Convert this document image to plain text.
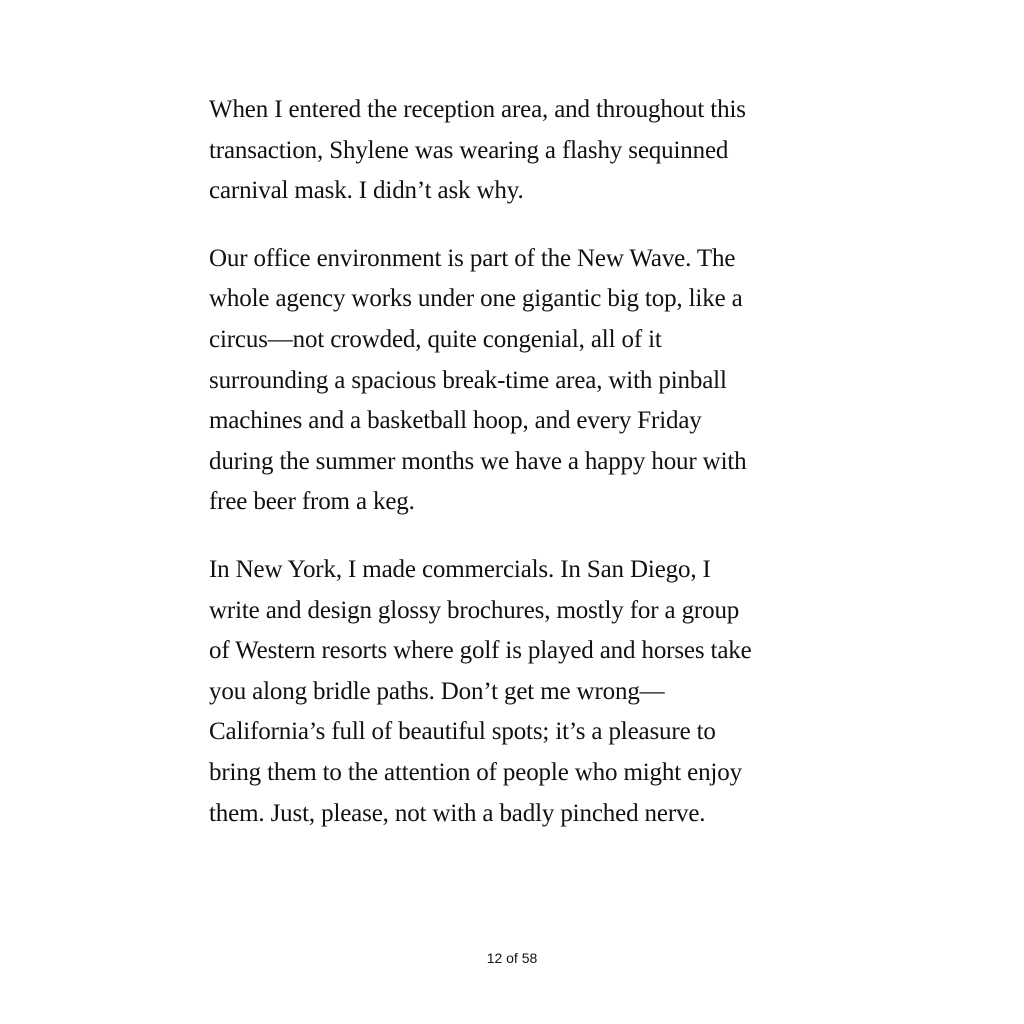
When I entered the reception area, and throughout this
transaction, Shylene was wearing a flashy sequinned
carnival mask. I didn’t ask why.

Our office environment is part of the New Wave. The
whole agency works under one gigantic big top, like a
circus—not crowded, quite congenial, all of it
surrounding a spacious break-time area, with pinball
machines and a basketball hoop, and every Friday
during the summer months we have a happy hour with
free beer from a keg.

In New York, I made commercials. In San Diego, I
write and design glossy brochures, mostly for a group
of Western resorts where golf is played and horses take
you along bridle paths. Don’t get me wrong—
California’s full of beautiful spots; it’s a pleasure to
bring them to the attention of people who might enjoy
them. Just, please, not with a badly pinched nerve.

12 of 58
